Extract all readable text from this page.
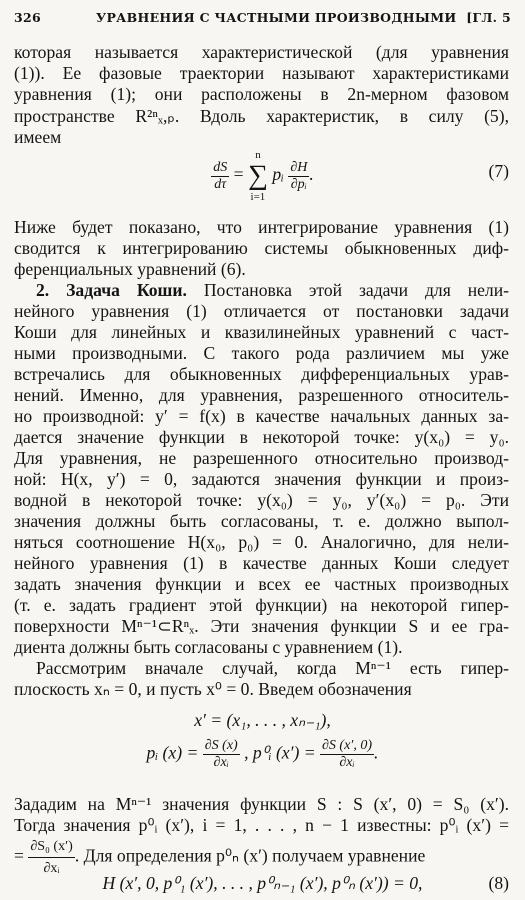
326	УРАВНЕНИЯ С ЧАСТНЫМИ ПРОИЗВОДНЫМИ [ГЛ. 5
которая называется характеристической (для уравнения
(1)). Ее фазовые траектории называют характеристиками
уравнения (1); они расположены в 2n-мерном фазовом
пространстве R²ⁿₓ,ₚ. Вдоль характеристик, в силу (5),
имеем
$\frac{dS}{d\tau}$ =
n
∑
i=1
pᵢ $\frac{\partial H}{\text{∂pᵢ}}$ .	(7)
Ниже будет показано, что интегрирование уравнения (1)
сводится к интегрированию системы обыкновенных диф-
ференциальных уравнений (6).
2. Задача Коши. Постановка этой задачи для нели-
нейного уравнения (1) отличается от постановки задачи
Коши для линейных и квазилинейных уравнений с част-
ными производными. С такого рода различием мы уже
встречались для обыкновенных дифференциальных урав-
нений. Именно, для уравнения, разрешенного относитель-
но производной: y′ = f(x) в качестве начальных данных за-
дается значение функции в некоторой точке: y(x₀) = y₀.
Для уравнения, не разрешенного относительно производ-
ной: H(x, y′) = 0, задаются значения функции и произ-
водной в некоторой точке: y(x₀) = y₀, y′(x₀) = p₀. Эти
значения должны быть согласованы, т. е. должно выпол-
няться соотношение H(x₀, p₀) = 0. Аналогично, для нели-
нейного уравнения (1) в качестве данных Коши следует
задать значения функции и всех ее частных производных
(т. е. задать градиент этой функции) на некоторой гипер-
поверхности Mⁿ⁻¹⊂Rⁿₓ. Эти значения функции S и ее гра-
диента должны быть согласованы с уравнением (1).
Рассмотрим вначале случай, когда Mⁿ⁻¹ есть гипер-
плоскость xₙ = 0, и пусть x⁰ = 0. Введем обозначения
x′ = (x₁, . . . , xₙ₋₁),
pᵢ $(x) = \frac{\partial S (x)}{\text{∂xᵢ}}$ , p⁰ᵢ $(x') = \frac{\partial S (x', 0)}{\text{∂xᵢ}}$ .
Зададим на Mⁿ⁻¹ значения функции S : S (x′, 0) = S₀ (x′).
Тогда значения p⁰ᵢ (x′), i = 1, . . . , n − 1 известны: p⁰ᵢ (x′) =
= $\frac{\text{∂S₀ (x′)}}{\text{∂xᵢ}}$ . Для определения p⁰ₙ (x′) получаем уравнение
H (x′, 0, p⁰₁ (x′), . . . , p⁰ₙ₋₁ (x′), p⁰ₙ (x′)) = 0,	(8)
